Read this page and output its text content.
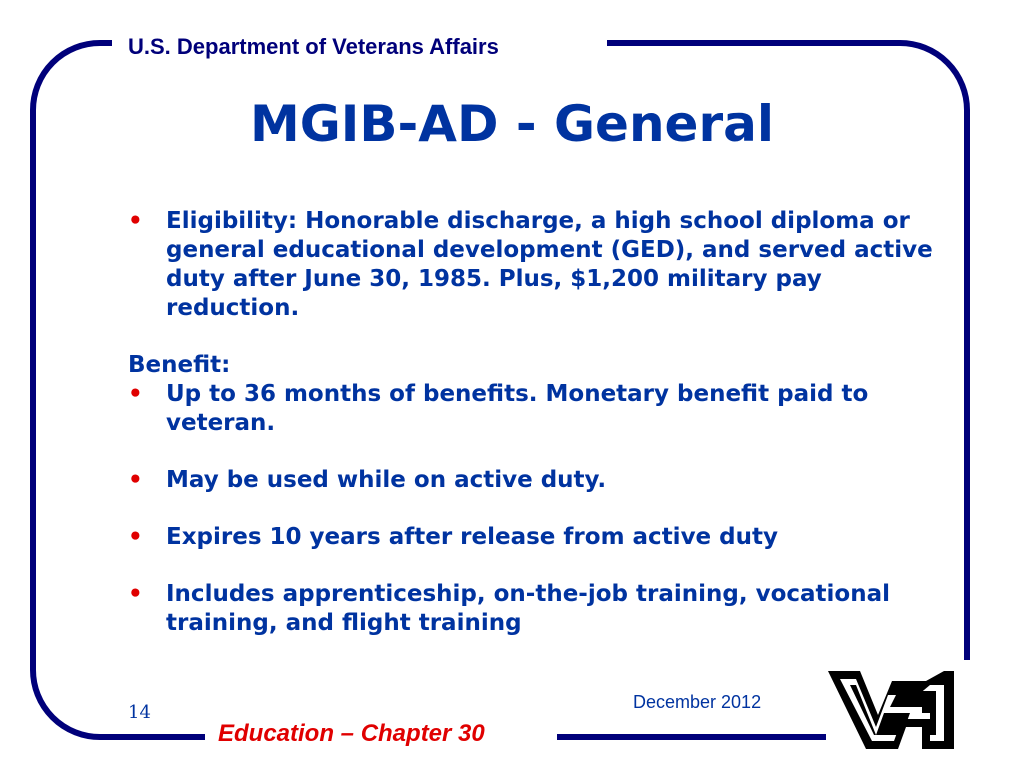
U.S. Department of Veterans Affairs
MGIB-AD - General
• Eligibility: Honorable discharge, a high school diploma or general educational development (GED), and served active duty after June 30, 1985. Plus, $1,200 military pay reduction.
Benefit:
• Up to 36 months of benefits. Monetary benefit paid to veteran.
• May be used while on active duty.
• Expires 10 years after release from active duty
• Includes apprenticeship, on-the-job training, vocational training, and flight training
14	December 2012
Education – Chapter 30
